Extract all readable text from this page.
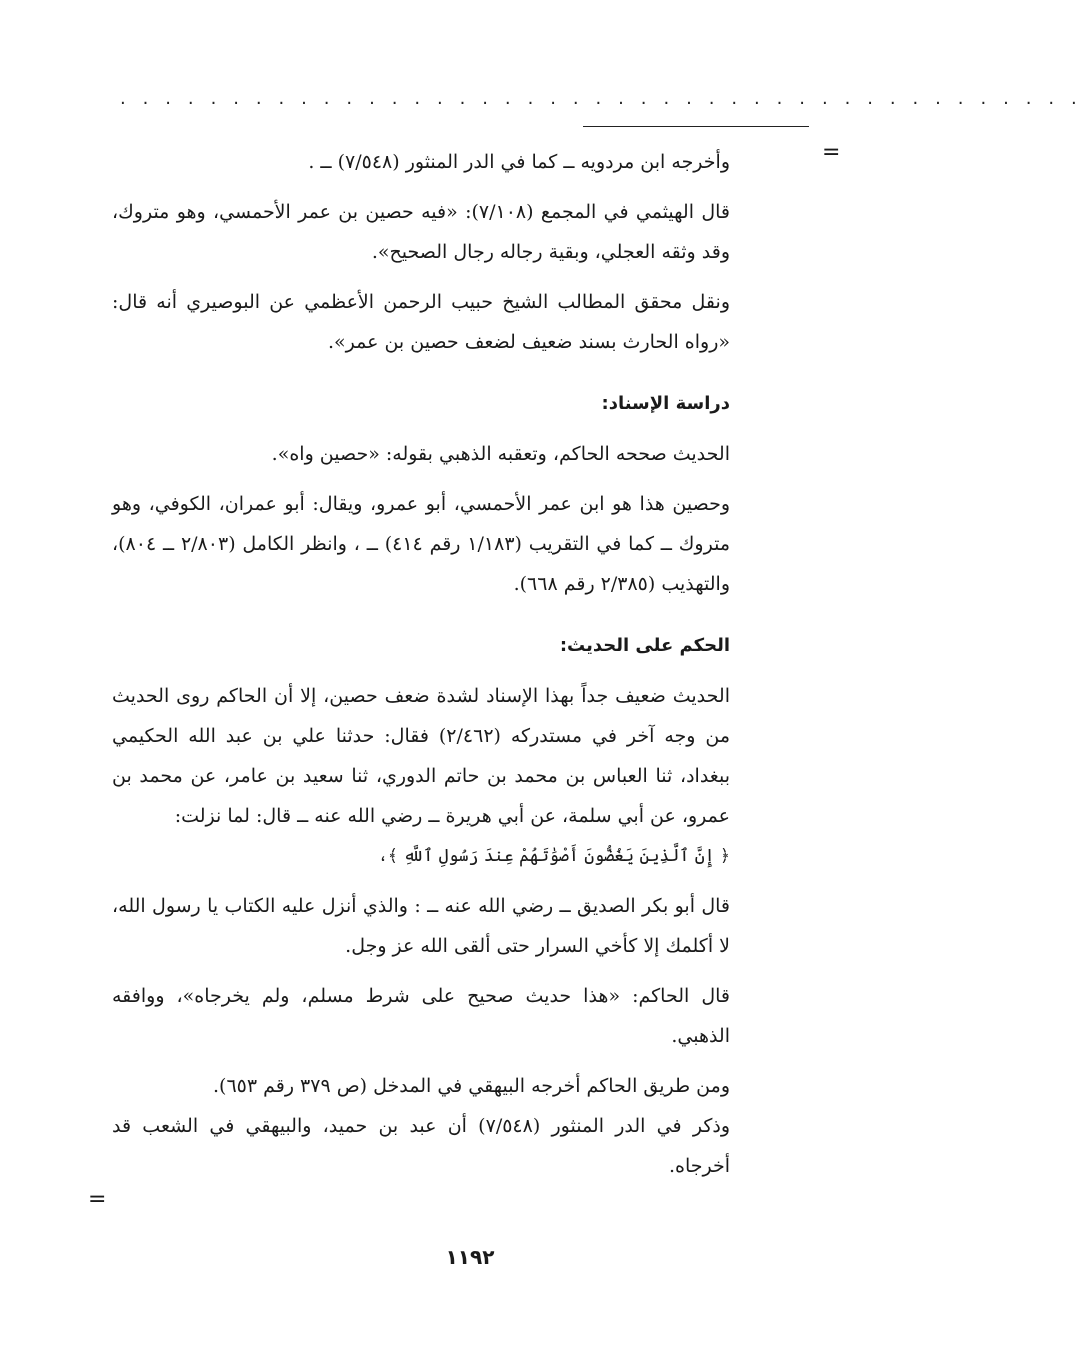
. . . . . . . . . . . . . . . . . . . . . . . . . . . . . . . . . . . . . . . . . . .
=
=

وأخرجه ابن مردويه ــ كما في الدر المنثور (٧/٥٤٨) ــ .

قال الهيثمي في المجمع (٧/١٠٨): «فيه حصين بن عمر الأحمسي، وهو متروك، وقد وثقه العجلي، وبقية رجاله رجال الصحيح».

ونقل محقق المطالب الشيخ حبيب الرحمن الأعظمي عن البوصيري أنه قال: «رواه الحارث بسند ضعيف لضعف حصين بن عمر».

دراسة الإسناد:

الحديث صححه الحاكم، وتعقبه الذهبي بقوله: «حصين واه».

وحصين هذا هو ابن عمر الأحمسي، أبو عمرو، ويقال: أبو عمران، الكوفي، وهو متروك ــ كما في التقريب (١/١٨٣ رقم ٤١٤) ــ ، وانظر الكامل (٢/٨٠٣ ــ ٨٠٤)، والتهذيب (٢/٣٨٥ رقم ٦٦٨).

الحكم على الحديث:

الحديث ضعيف جداً بهذا الإسناد لشدة ضعف حصين، إلا أن الحاكم روى الحديث من وجه آخر في مستدركه (٢/٤٦٢) فقال: حدثنا علي بن عبد الله الحكيمي ببغداد، ثنا العباس بن محمد بن حاتم الدوري، ثنا سعيد بن عامر، عن محمد بن عمرو، عن أبي سلمة، عن أبي هريرة ــ رضي الله عنه ــ قال: لما نزلت:

﴿ إِنَّ ٱلَّذِينَ يَغُضُّونَ أَصْوَٰتَهُمْ عِندَ رَسُولِ ٱللَّهِ ﴾،

قال أبو بكر الصديق ــ رضي الله عنه ــ : والذي أنزل عليه الكتاب يا رسول الله، لا أكلمك إلا كأخي السرار حتى ألقى الله عز وجل.

قال الحاكم: «هذا حديث صحيح على شرط مسلم، ولم يخرجاه»، ووافقه الذهبي.

ومن طريق الحاكم أخرجه البيهقي في المدخل (ص ٣٧٩ رقم ٦٥٣).

وذكر في الدر المنثور (٧/٥٤٨) أن عبد بن حميد، والبيهقي في الشعب قد أخرجاه.

١١٩٢
